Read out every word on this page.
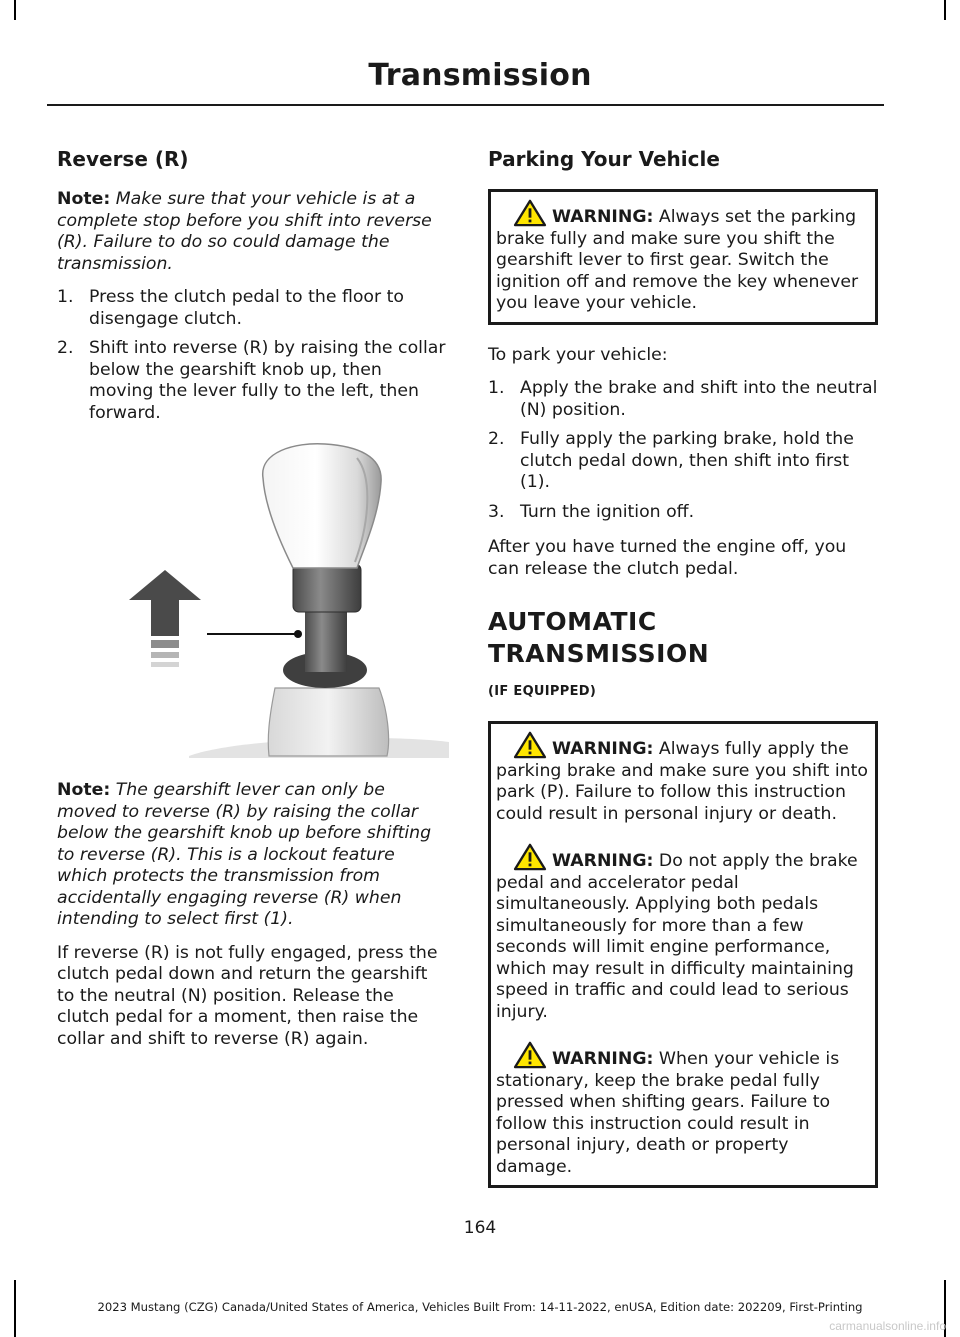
Transmission
Reverse (R)

Note: Make sure that your vehicle is at a complete stop before you shift into reverse (R). Failure to do so could damage the transmission.

1. Press the clutch pedal to the floor to disengage clutch.
2. Shift into reverse (R) by raising the collar below the gearshift knob up, then moving the lever fully to the left, then forward.

Note: The gearshift lever can only be moved to reverse (R) by raising the collar below the gearshift knob up before shifting to reverse (R). This is a lockout feature which protects the transmission from accidentally engaging reverse (R) when intending to select first (1).

If reverse (R) is not fully engaged, press the clutch pedal down and return the gearshift to the neutral (N) position. Release the clutch pedal for a moment, then raise the collar and shift to reverse (R) again.

Parking Your Vehicle

WARNING: Always set the parking brake fully and make sure you shift the gearshift lever to first gear. Switch the ignition off and remove the key whenever you leave your vehicle.

To park your vehicle:

1. Apply the brake and shift into the neutral (N) position.
2. Fully apply the parking brake, hold the clutch pedal down, then shift into first (1).
3. Turn the ignition off.

After you have turned the engine off, you can release the clutch pedal.

AUTOMATIC TRANSMISSION
(IF EQUIPPED)

WARNING: Always fully apply the parking brake and make sure you shift into park (P). Failure to follow this instruction could result in personal injury or death.

WARNING: Do not apply the brake pedal and accelerator pedal simultaneously. Applying both pedals simultaneously for more than a few seconds will limit engine performance, which may result in difficulty maintaining speed in traffic and could lead to serious injury.

WARNING: When your vehicle is stationary, keep the brake pedal fully pressed when shifting gears. Failure to follow this instruction could result in personal injury, death or property damage.

164
2023 Mustang (CZG) Canada/United States of America, Vehicles Built From: 14-11-2022, enUSA, Edition date: 202209, First-Printing
carmanualsonline.info
